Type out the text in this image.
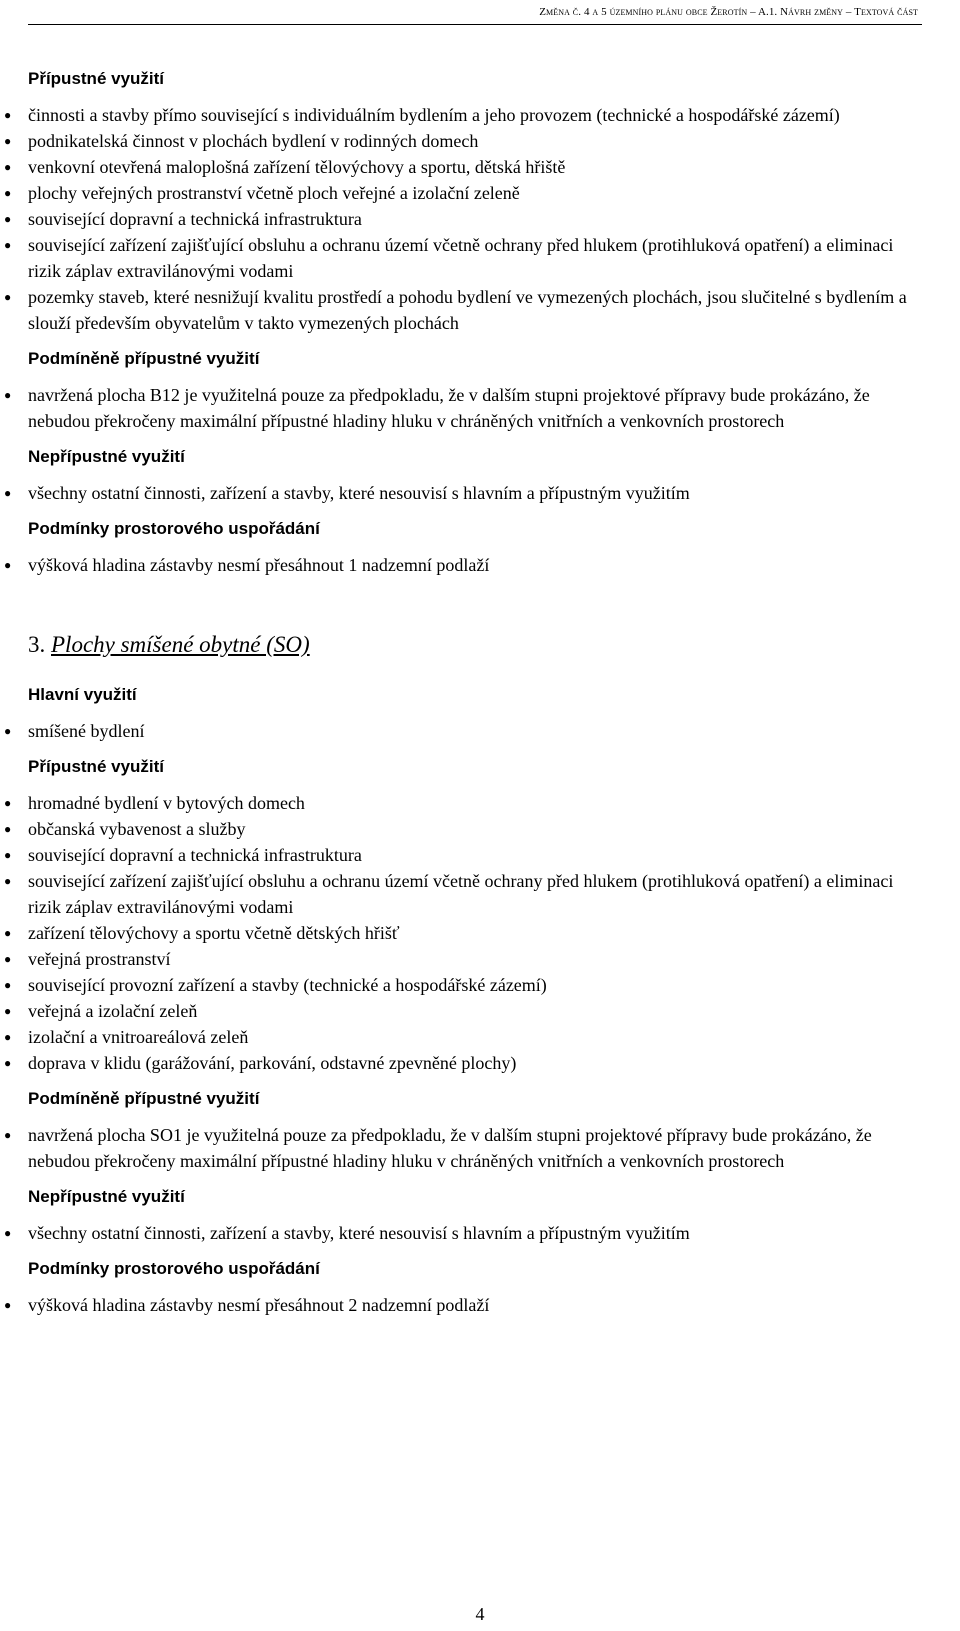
Změna č. 4 a 5 územního plánu obce Žerotín – A.1. Návrh změny – Textová část
Přípustné využití
● činnosti a stavby přímo související s individuálním bydlením a jeho provozem (technické a hospodářské zázemí)
● podnikatelská činnost v plochách bydlení v rodinných domech
● venkovní otevřená maloplošná zařízení tělovýchovy a sportu, dětská hřiště
● plochy veřejných prostranství včetně ploch veřejné a izolační zeleně
● související dopravní a technická infrastruktura
● související zařízení zajišťující obsluhu a ochranu území včetně ochrany před hlukem (protihluková opatření) a eliminaci rizik záplav extravilánovými vodami
● pozemky staveb, které nesnižují kvalitu prostředí a pohodu bydlení ve vymezených plochách, jsou slučitelné s bydlením a slouží především obyvatelům v takto vymezených plochách
Podmíněně přípustné využití
● navržená plocha B12 je využitelná pouze za předpokladu, že v dalším stupni projektové přípravy bude prokázáno, že nebudou překročeny maximální přípustné hladiny hluku v chráněných vnitřních a venkovních prostorech
Nepřípustné využití
● všechny ostatní činnosti, zařízení a stavby, které nesouvisí s hlavním a přípustným využitím
Podmínky prostorového uspořádání
● výšková hladina zástavby nesmí přesáhnout 1 nadzemní podlaží
3. Plochy smíšené obytné (SO)
Hlavní využití
● smíšené bydlení
Přípustné využití
● hromadné bydlení v bytových domech
● občanská vybavenost a služby
● související dopravní a technická infrastruktura
● související zařízení zajišťující obsluhu a ochranu území včetně ochrany před hlukem (protihluková opatření) a eliminaci rizik záplav extravilánovými vodami
● zařízení tělovýchovy a sportu včetně dětských hřišť
● veřejná prostranství
● související provozní zařízení a stavby (technické a hospodářské zázemí)
● veřejná a izolační zeleň
● izolační a vnitroareálová zeleň
● doprava v klidu (garážování, parkování, odstavné zpevněné plochy)
Podmíněně přípustné využití
● navržená plocha SO1 je využitelná pouze za předpokladu, že v dalším stupni projektové přípravy bude prokázáno, že nebudou překročeny maximální přípustné hladiny hluku v chráněných vnitřních a venkovních prostorech
Nepřípustné využití
● všechny ostatní činnosti, zařízení a stavby, které nesouvisí s hlavním a přípustným využitím
Podmínky prostorového uspořádání
● výšková hladina zástavby nesmí přesáhnout 2 nadzemní podlaží
4
